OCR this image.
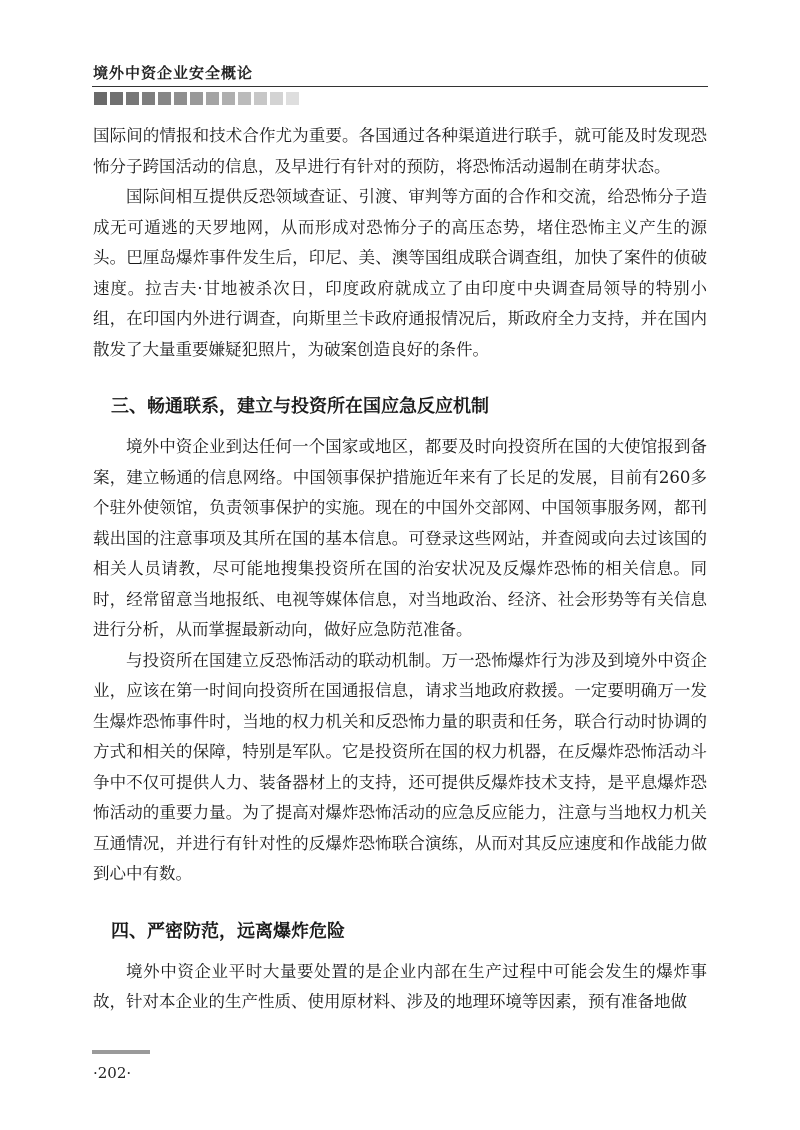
境外中资企业安全概论

国际间的情报和技术合作尤为重要。各国通过各种渠道进行联手，就可能及时发现恐怖分子跨国活动的信息，及早进行有针对的预防，将恐怖活动遏制在萌芽状态。

国际间相互提供反恐领域查证、引渡、审判等方面的合作和交流，给恐怖分子造成无可遁逃的天罗地网，从而形成对恐怖分子的高压态势，堵住恐怖主义产生的源头。巴厘岛爆炸事件发生后，印尼、美、澳等国组成联合调查组，加快了案件的侦破速度。拉吉夫·甘地被杀次日，印度政府就成立了由印度中央调查局领导的特别小组，在印国内外进行调查，向斯里兰卡政府通报情况后，斯政府全力支持，并在国内散发了大量重要嫌疑犯照片，为破案创造良好的条件。

三、畅通联系，建立与投资所在国应急反应机制

境外中资企业到达任何一个国家或地区，都要及时向投资所在国的大使馆报到备案，建立畅通的信息网络。中国领事保护措施近年来有了长足的发展，目前有260多个驻外使领馆，负责领事保护的实施。现在的中国外交部网、中国领事服务网，都刊载出国的注意事项及其所在国的基本信息。可登录这些网站，并查阅或向去过该国的相关人员请教，尽可能地搜集投资所在国的治安状况及反爆炸恐怖的相关信息。同时，经常留意当地报纸、电视等媒体信息，对当地政治、经济、社会形势等有关信息进行分析，从而掌握最新动向，做好应急防范准备。

与投资所在国建立反恐怖活动的联动机制。万一恐怖爆炸行为涉及到境外中资企业，应该在第一时间向投资所在国通报信息，请求当地政府救援。一定要明确万一发生爆炸恐怖事件时，当地的权力机关和反恐怖力量的职责和任务，联合行动时协调的方式和相关的保障，特别是军队。它是投资所在国的权力机器，在反爆炸恐怖活动斗争中不仅可提供人力、装备器材上的支持，还可提供反爆炸技术支持，是平息爆炸恐怖活动的重要力量。为了提高对爆炸恐怖活动的应急反应能力，注意与当地权力机关互通情况，并进行有针对性的反爆炸恐怖联合演练，从而对其反应速度和作战能力做到心中有数。

四、严密防范，远离爆炸危险

境外中资企业平时大量要处置的是企业内部在生产过程中可能会发生的爆炸事故，针对本企业的生产性质、使用原材料、涉及的地理环境等因素，预有准备地做

·202·
